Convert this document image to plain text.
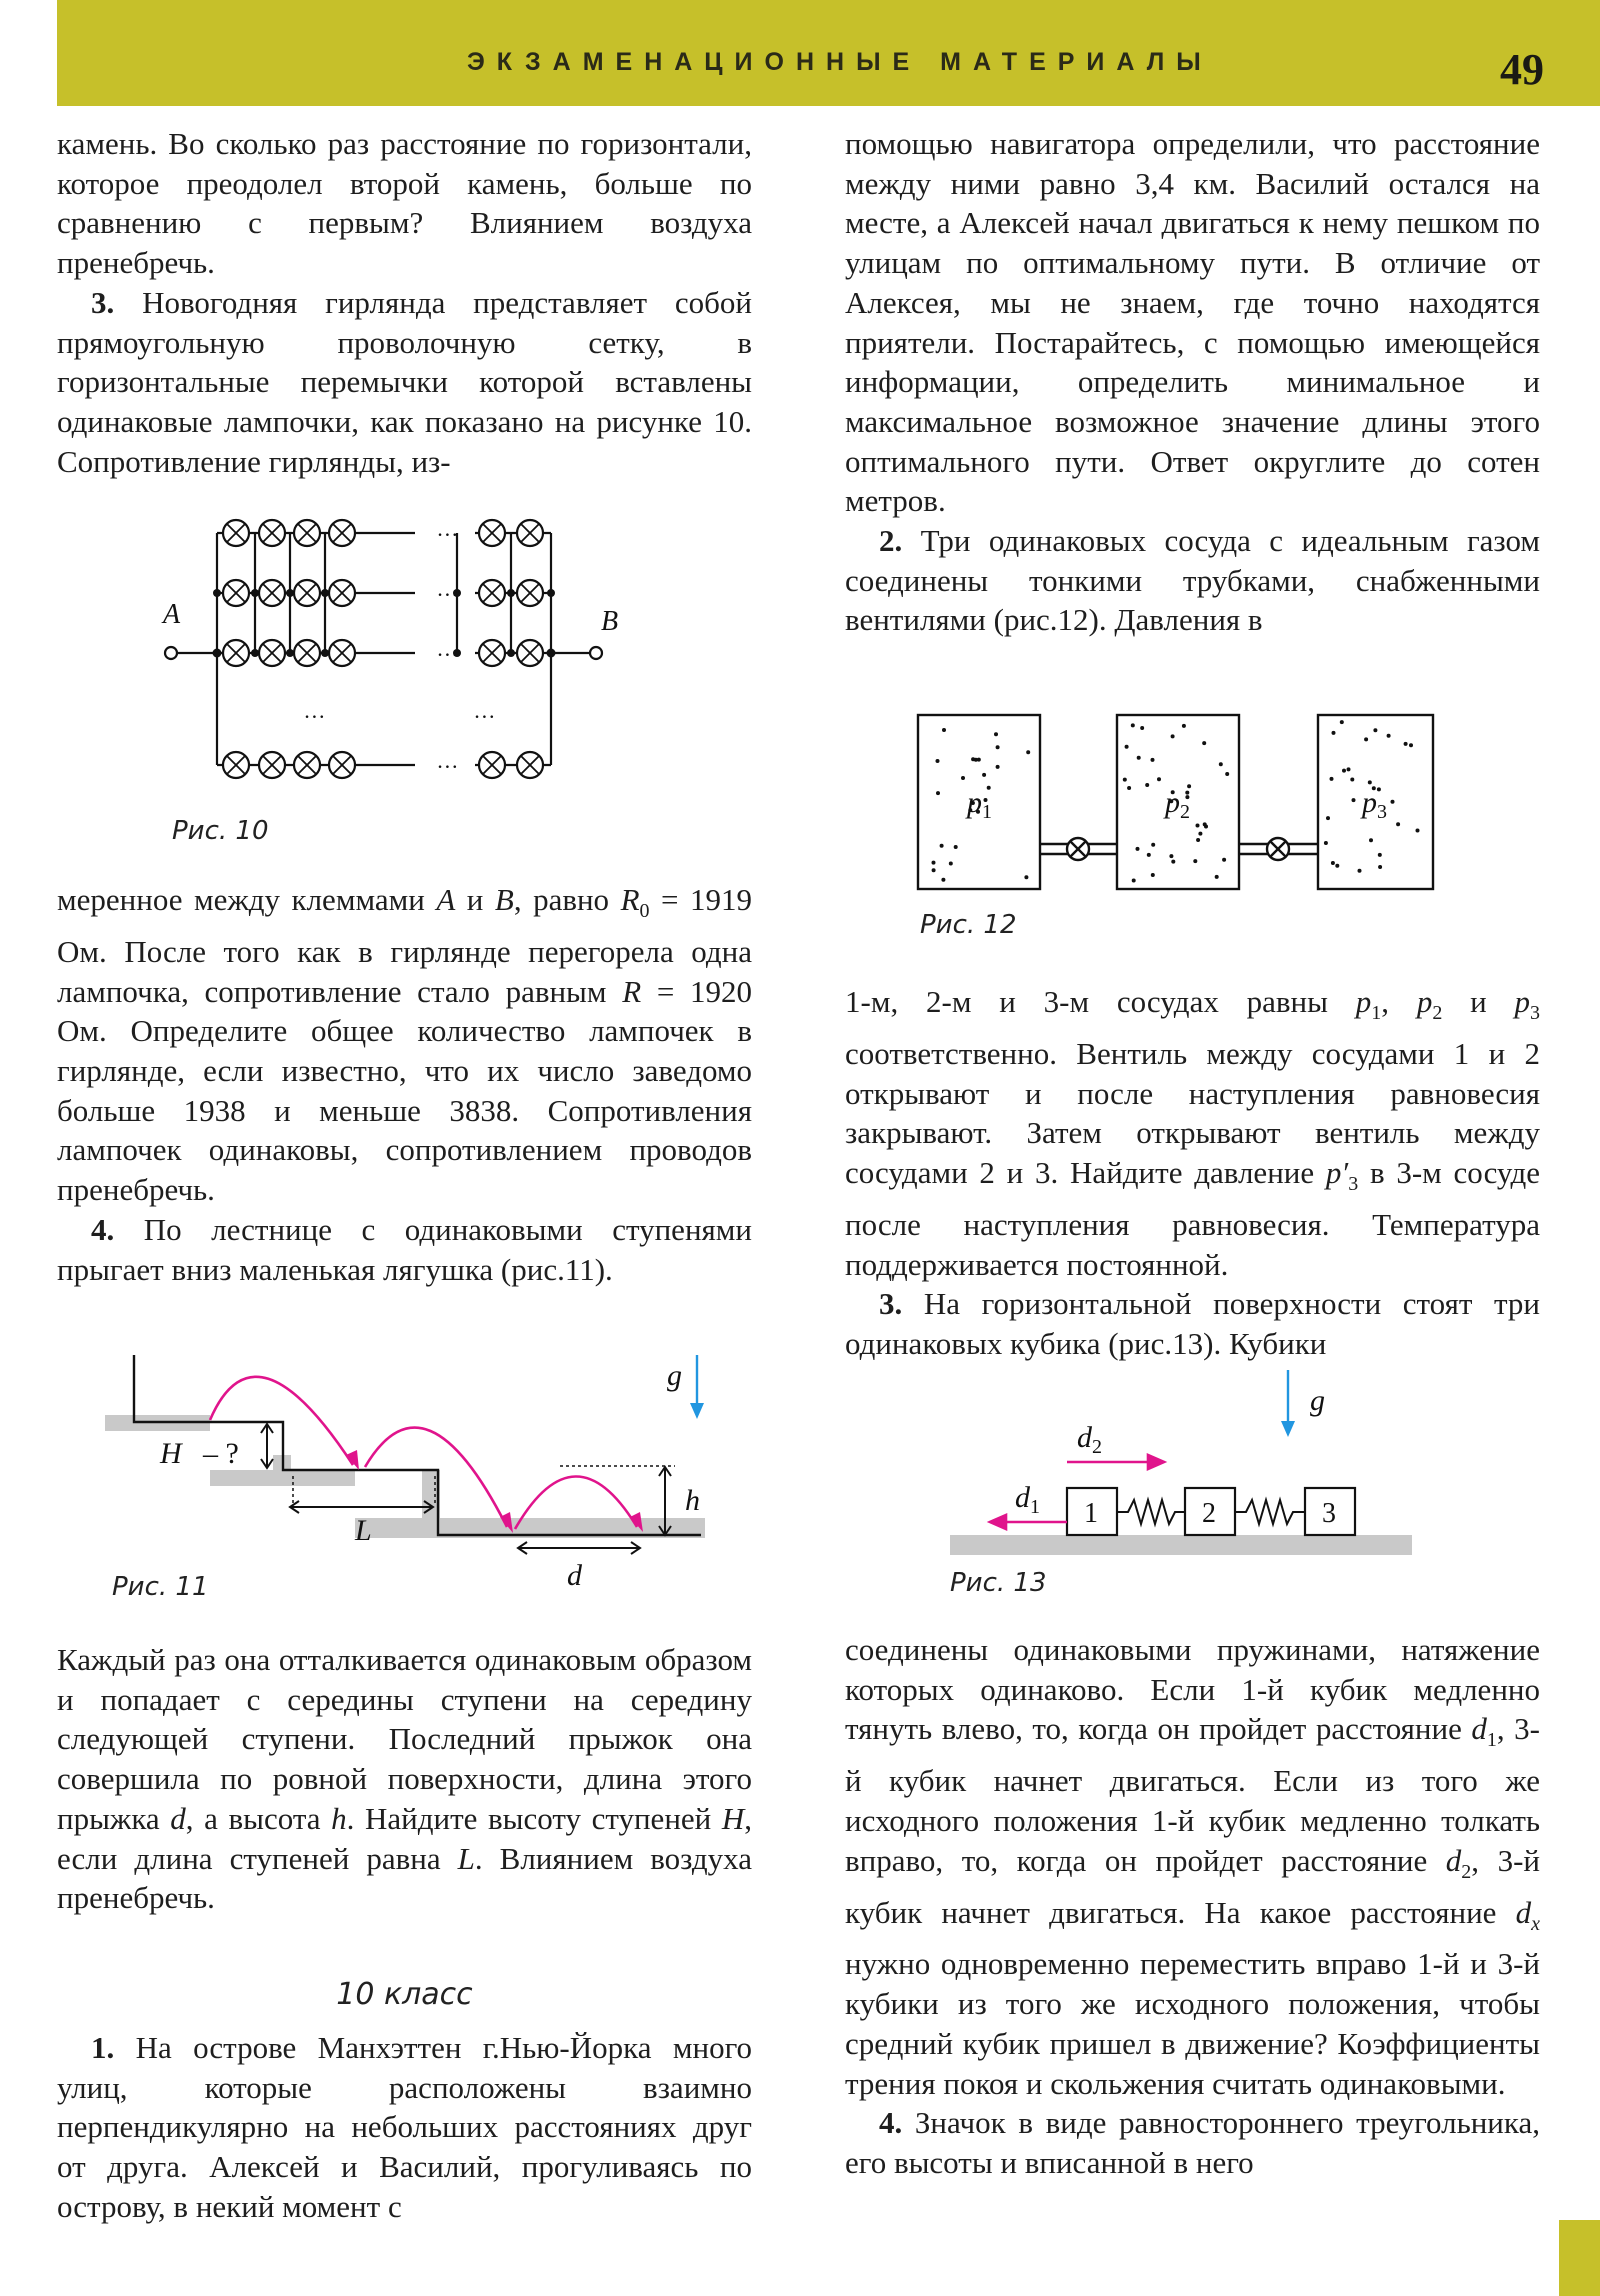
ЭКЗАМЕНАЦИОННЫЕ МАТЕРИАЛЫ	49

камень. Во сколько раз расстояние по горизонтали, которое преодолел второй камень, больше по сравнению с первым? Влиянием воздуха пренебречь.

3. Новогодняя гирлянда представляет собой прямоугольную проволочную сетку, в горизонтальные перемычки которой вставлены одинаковые лампочки, как показано на рисунке 10. Сопротивление гирлянды, из-

…
…
…
…
…	…
A	B
Рис. 10

меренное между клеммами A и B, равно $R_0 = 1919$ Ом. После того как в гирлянде перегорела одна лампочка, сопротивление стало равным R = 1920 Ом. Определите общее количество лампочек в гирлянде, если известно, что их число заведомо больше 1938 и меньше 3838. Сопротивления лампочек одинаковы, сопротивлением проводов пренебречь.

4. По лестнице с одинаковыми ступенями прыгает вниз маленькая лягушка (рис.11).

g
H – ?
L
h
d
Рис. 11

Каждый раз она отталкивается одинаковым образом и попадает с середины ступени на середину следующей ступени. Последний прыжок она совершила по ровной поверхности, длина этого прыжка d, а высота h. Найдите высоту ступеней H, если длина ступеней равна L. Влиянием воздуха пренебречь.

10 класс

1. На острове Манхэттен г.Нью-Йорка много улиц, которые расположены взаимно перпендикулярно на небольших расстояниях друг от друга. Алексей и Василий, прогуливаясь по острову, в некий момент с

помощью навигатора определили, что расстояние между ними равно 3,4 км. Василий остался на месте, а Алексей начал двигаться к нему пешком по улицам по оптимальному пути. В отличие от Алексея, мы не знаем, где точно находятся приятели. Постарайтесь, с помощью имеющейся информации, определить минимальное и максимальное возможное значение длины этого оптимального пути. Ответ округлите до сотен метров.

2. Три одинаковых сосуда с идеальным газом соединены тонкими трубками, снабженными вентилями (рис.12). Давления в

$p_1$	$p_2$	$p_3$
Рис. 12

1-м, 2-м и 3-м сосудах равны $p_1$, $p_2$ и $p_3$ соответственно. Вентиль между сосудами 1 и 2 открывают и после наступления равновесия закрывают. Затем открывают вентиль между сосудами 2 и 3. Найдите давление $p'_3$ в 3-м сосуде после наступления равновесия. Температура поддерживается постоянной.

3. На горизонтальной поверхности стоят три одинаковых кубика (рис.13). Кубики

g
$d_1$
$d_2$
1	2	3
Рис. 13

соединены одинаковыми пружинами, натяжение которых одинаково. Если 1-й кубик медленно тянуть влево, то, когда он пройдет расстояние $d_1$, 3-й кубик начнет двигаться. Если из того же исходного положения 1-й кубик медленно толкать вправо, то, когда он пройдет расстояние $d_2$, 3-й кубик начнет двигаться. На какое расстояние $d_x$ нужно одновременно переместить вправо 1-й и 3-й кубики из того же исходного положения, чтобы средний кубик пришел в движение? Коэффициенты трения покоя и скольжения считать одинаковыми.

4. Значок в виде равностороннего треугольника, его высоты и вписанной в него
